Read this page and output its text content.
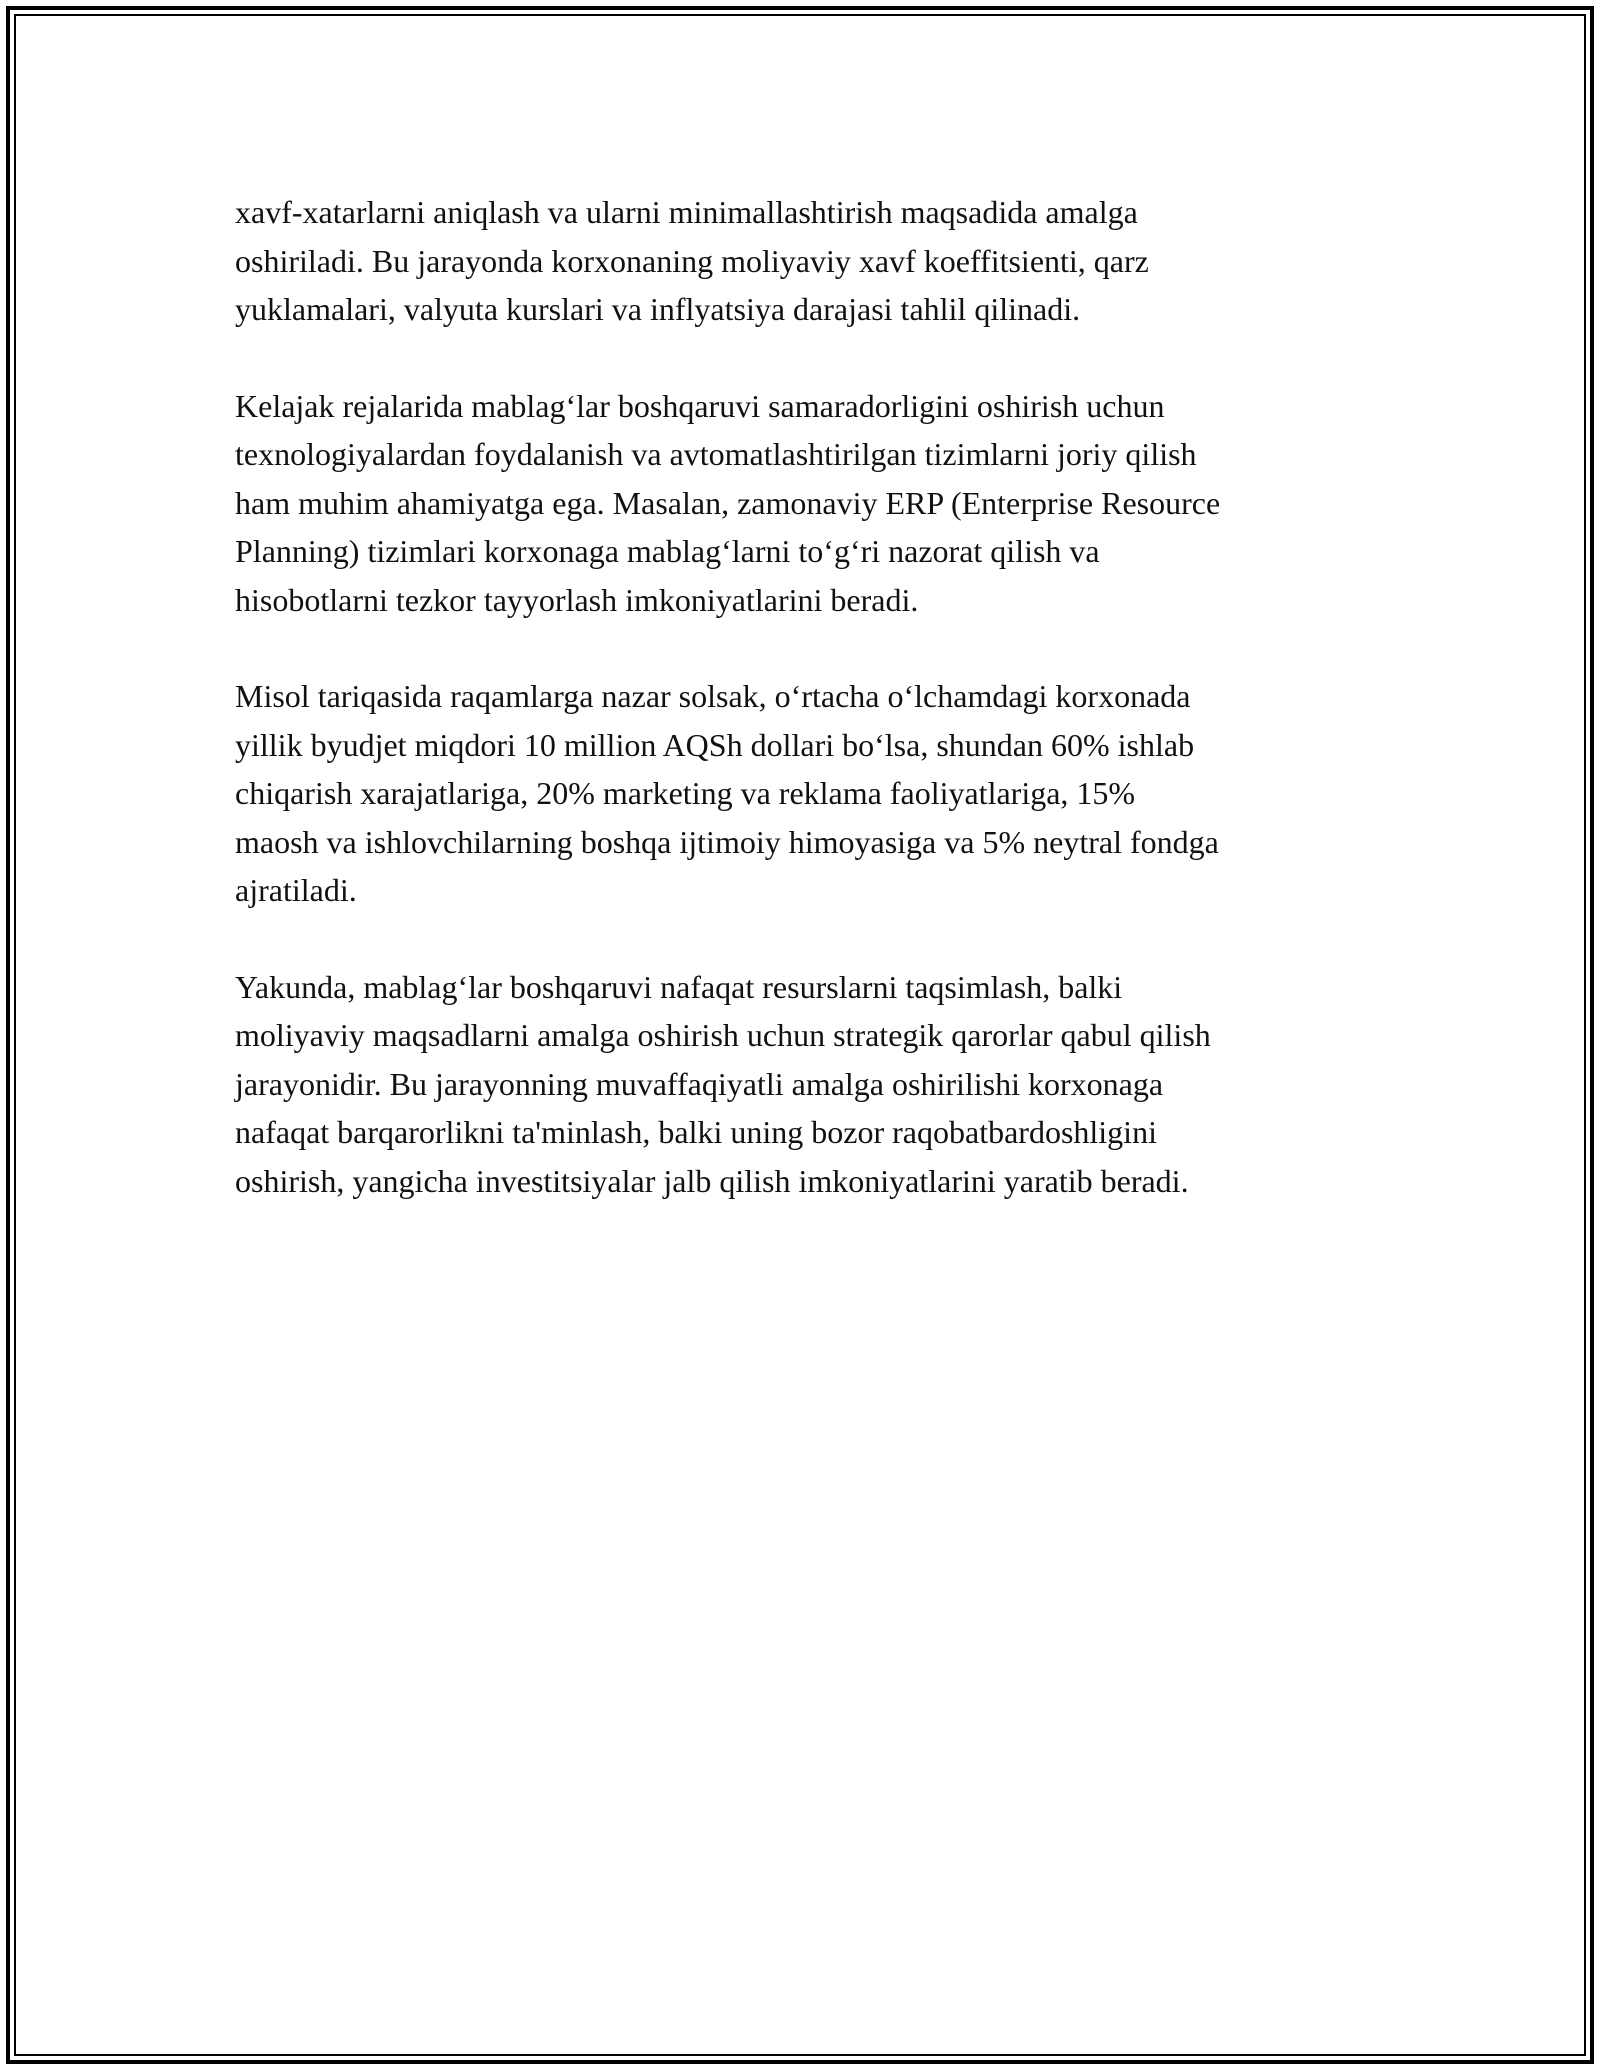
xavf-xatarlarni aniqlash va ularni minimallashtirish maqsadida amalga
oshiriladi. Bu jarayonda korxonaning moliyaviy xavf koeffitsienti, qarz
yuklamalari, valyuta kurslari va inflyatsiya darajasi tahlil qilinadi.

Kelajak rejalarida mablag‘lar boshqaruvi samaradorligini oshirish uchun
texnologiyalardan foydalanish va avtomatlashtirilgan tizimlarni joriy qilish
ham muhim ahamiyatga ega. Masalan, zamonaviy ERP (Enterprise Resource
Planning) tizimlari korxonaga mablag‘larni to‘g‘ri nazorat qilish va
hisobotlarni tezkor tayyorlash imkoniyatlarini beradi.

Misol tariqasida raqamlarga nazar solsak, o‘rtacha o‘lchamdagi korxonada
yillik byudjet miqdori 10 million AQSh dollari bo‘lsa, shundan 60% ishlab
chiqarish xarajatlariga, 20% marketing va reklama faoliyatlariga, 15%
maosh va ishlovchilarning boshqa ijtimoiy himoyasiga va 5% neytral fondga
ajratiladi.

Yakunda, mablag‘lar boshqaruvi nafaqat resurslarni taqsimlash, balki
moliyaviy maqsadlarni amalga oshirish uchun strategik qarorlar qabul qilish
jarayonidir. Bu jarayonning muvaffaqiyatli amalga oshirilishi korxonaga
nafaqat barqarorlikni ta'minlash, balki uning bozor raqobatbardoshligini
oshirish, yangicha investitsiyalar jalb qilish imkoniyatlarini yaratib beradi.
